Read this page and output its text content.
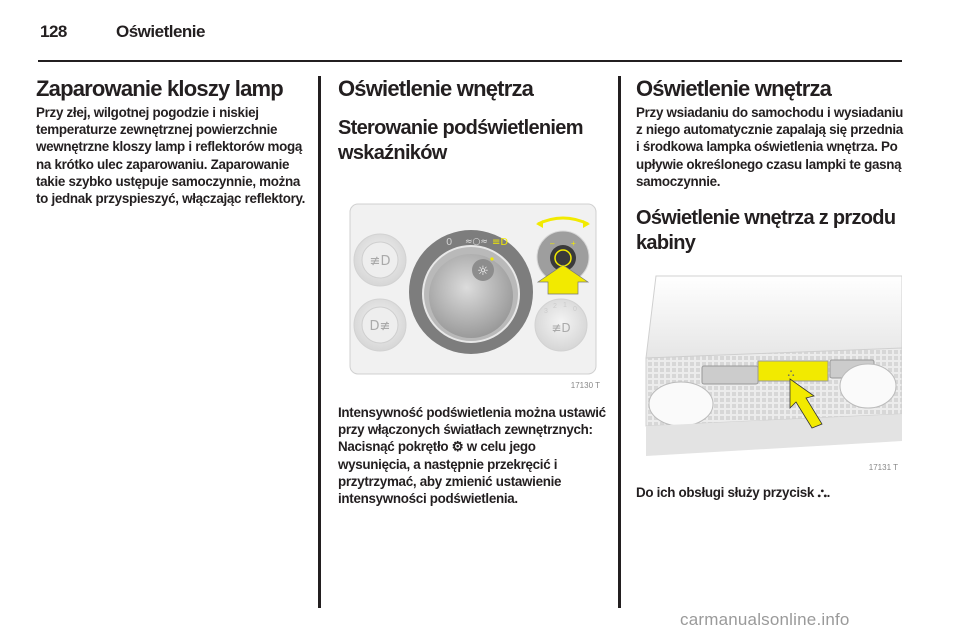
128	Oświetlenie
Zaparowanie kloszy lamp

Przy złej, wilgotnej pogodzie i niskiej temperaturze zewnętrznej powierzchnie wewnętrzne kloszy lamp i reflektorów mogą na krótko ulec zaparowaniu. Zaparowanie takie szybko ustępuje samoczynnie, można to jednak przyspieszyć, włączając reflektory.

Oświetlenie wnętrza
Sterowanie podświetleniem wskaźników
≢D
D≢
☼
0 ≈○≈ ≡D	– +
3
2 1
0
≢D
17130 T

Intensywność podświetlenia można ustawić przy włączonych światłach zewnętrznych: Nacisnąć pokrętło ⚙ w celu jego wysunięcia, a następnie przekręcić i przytrzymać, aby zmienić ustawienie intensywności podświetlenia.

Oświetlenie wnętrza

Przy wsiadaniu do samochodu i wysiadaniu z niego automatycznie zapalają się przednia i środkowa lampka oświetlenia wnętrza. Po upływie określonego czasu lampki te gasną samoczynnie.

Oświetlenie wnętrza z przodu kabiny
⛬
17131 T

Do ich obsługi służy przycisk ⛬.

carmanualsonline.info
